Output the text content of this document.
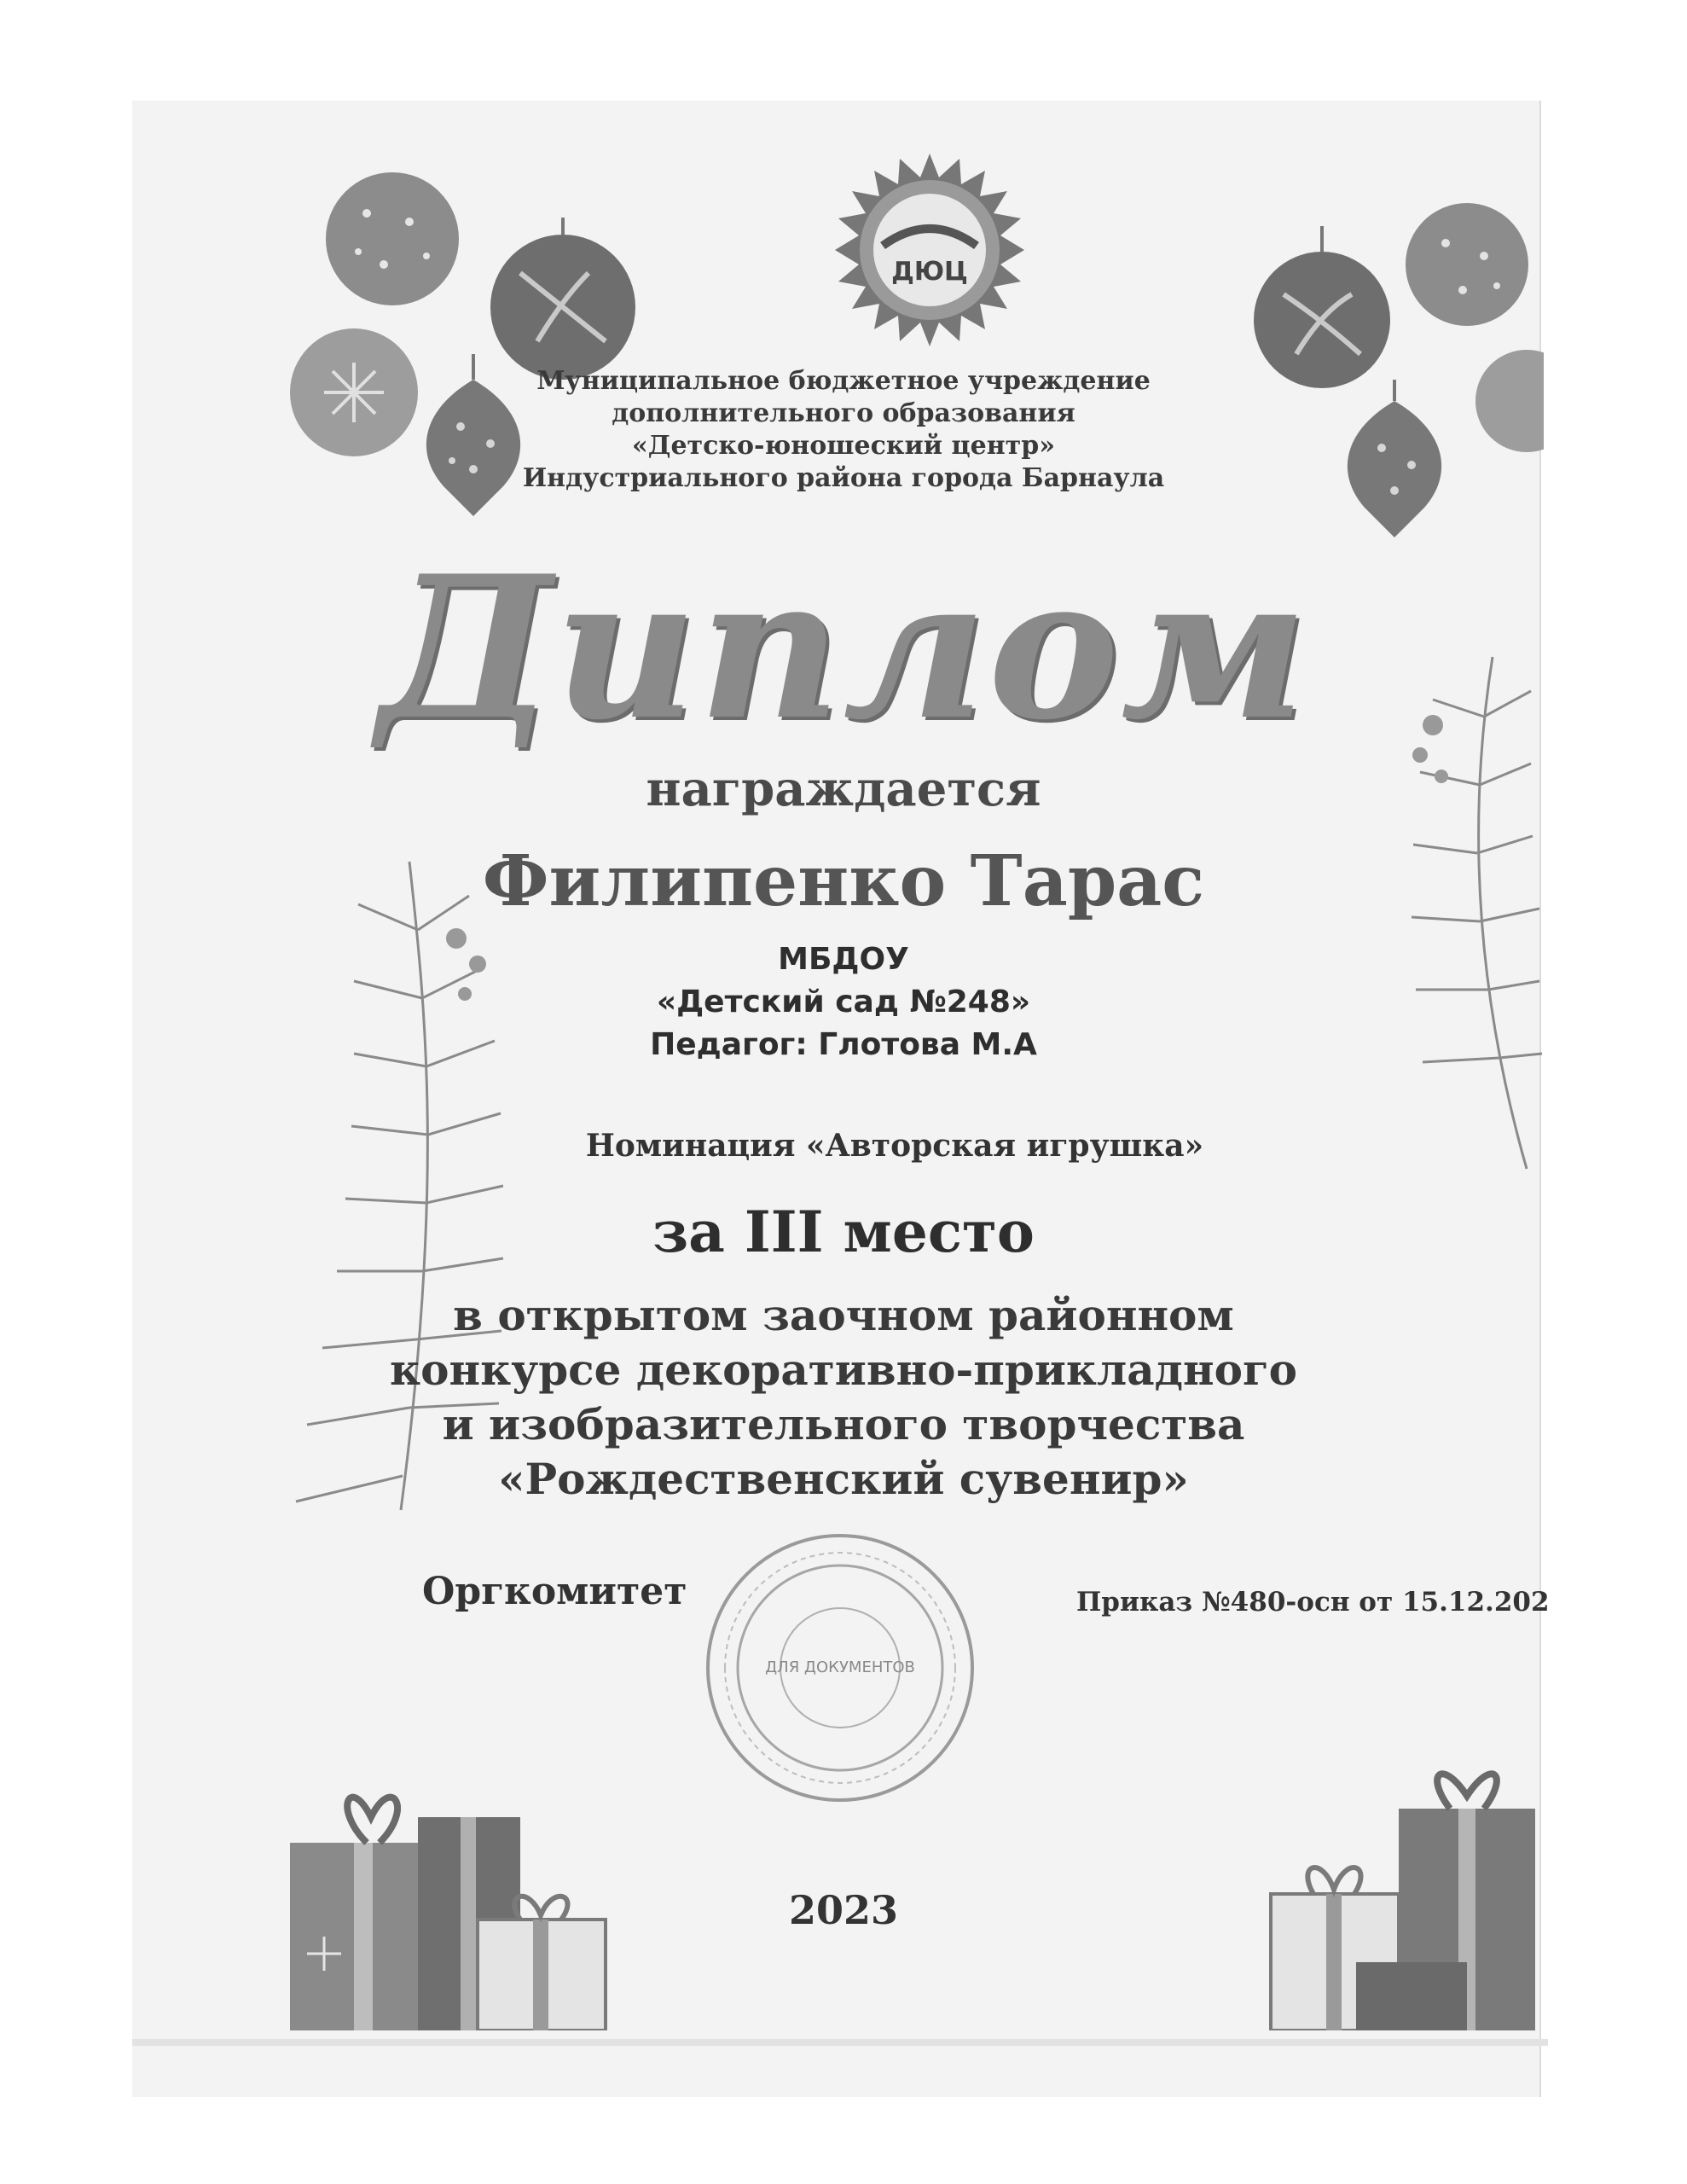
ДЮЦ
ДЛЯ ДОКУМЕНТОВ
Муниципальное бюджетное учреждение
дополнительного образования
«Детско-юношеский центр»
Индустриального района города Барнаула
Диплом
награждается
Филипенко Тарас
МБДОУ
«Детский сад №248»
Педагог: Глотова М.А
Номинация «Авторская игрушка»
за III место
в открытом заочном районном
конкурсе декоративно-прикладного
и изобразительного творчества
«Рождественский сувенир»
Оргкомитет	Приказ №480-осн от 15.12.202
2023
